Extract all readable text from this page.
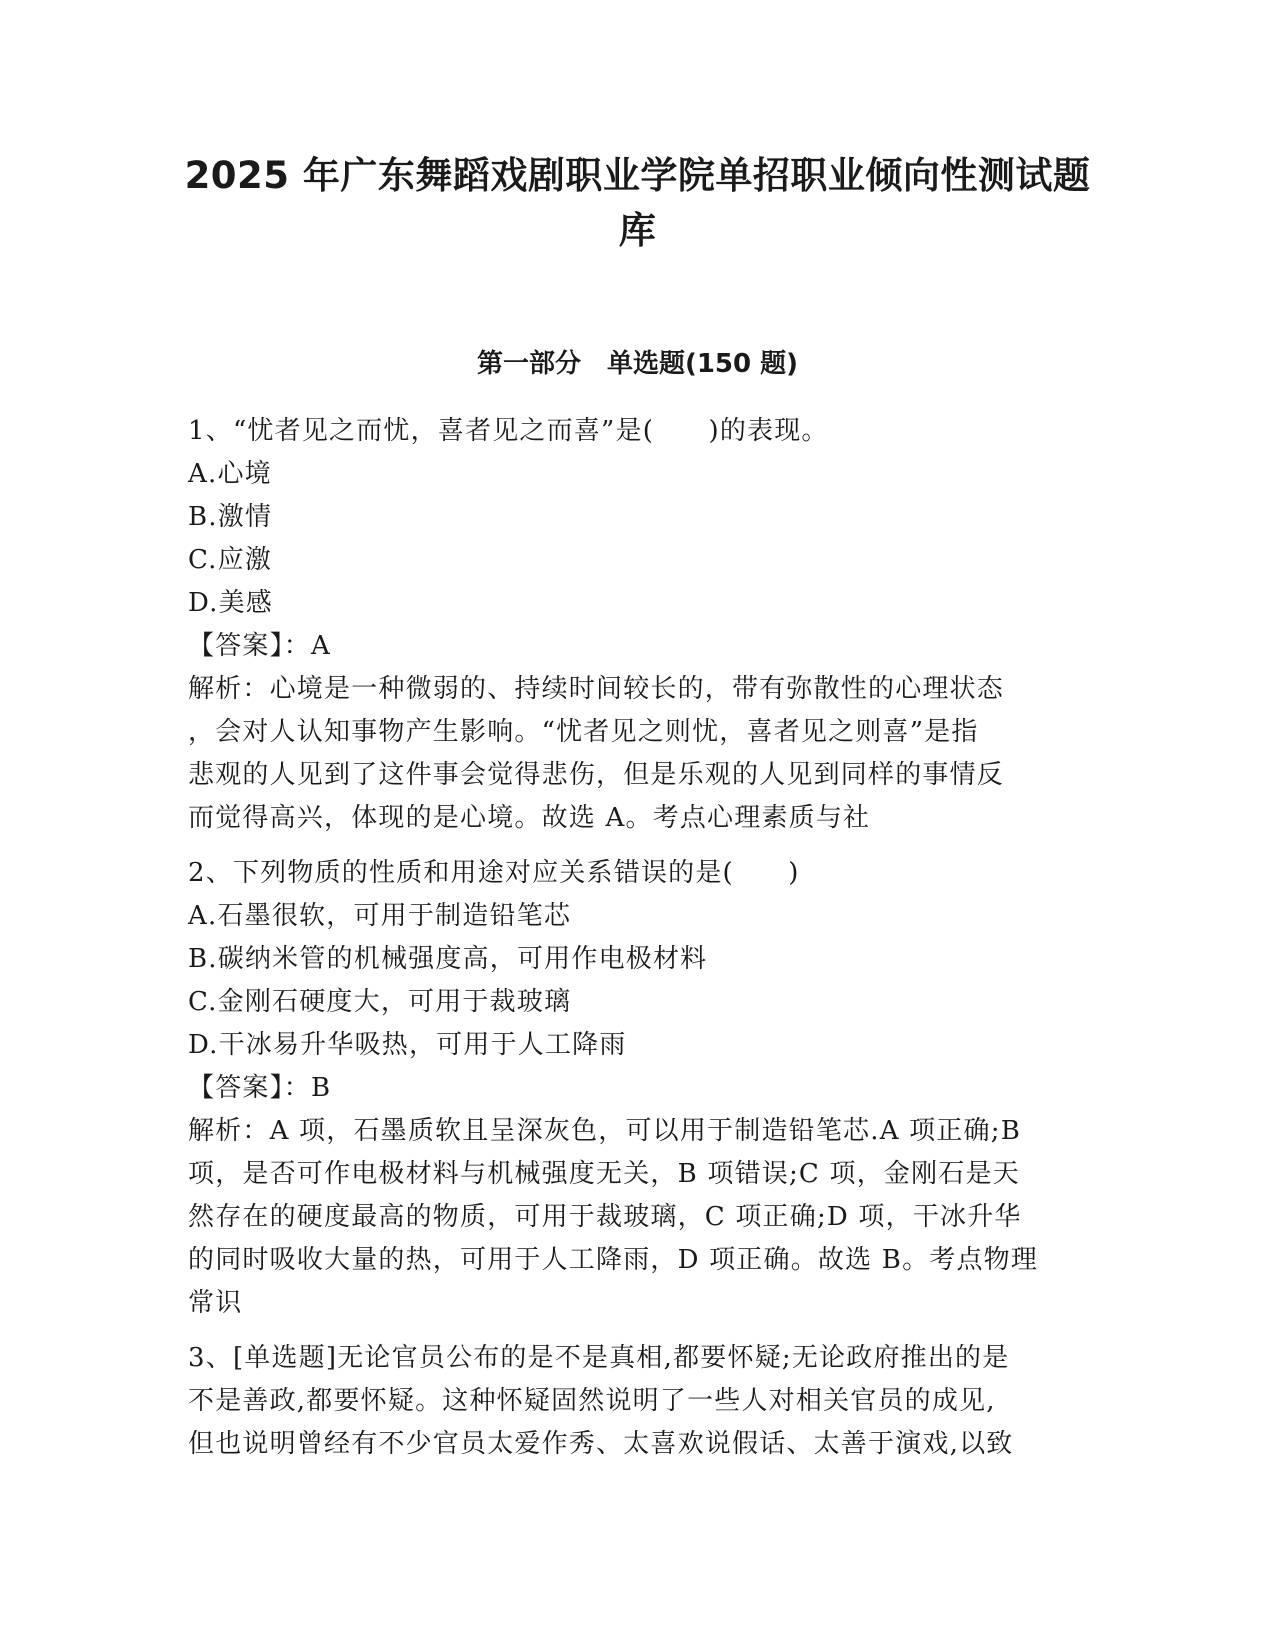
2025 年广东舞蹈戏剧职业学院单招职业倾向性测试题
库
第一部分　单选题(150 题)
1、“忧者见之而忧，喜者见之而喜”是(　　)的表现。
A.心境
B.激情
C.应激
D.美感
【答案】：A
解析：心境是一种微弱的、持续时间较长的，带有弥散性的心理状态
，会对人认知事物产生影响。“忧者见之则忧，喜者见之则喜”是指
悲观的人见到了这件事会觉得悲伤，但是乐观的人见到同样的事情反
而觉得高兴，体现的是心境。故选 A。考点心理素质与社
2、下列物质的性质和用途对应关系错误的是(　　)
A.石墨很软，可用于制造铅笔芯
B.碳纳米管的机械强度高，可用作电极材料
C.金刚石硬度大，可用于裁玻璃
D.干冰易升华吸热，可用于人工降雨
【答案】：B
解析：A 项，石墨质软且呈深灰色，可以用于制造铅笔芯.A 项正确;B
项，是否可作电极材料与机械强度无关，B 项错误;C 项，金刚石是天
然存在的硬度最高的物质，可用于裁玻璃，C 项正确;D 项，干冰升华
的同时吸收大量的热，可用于人工降雨，D 项正确。故选 B。考点物理
常识
3、[单选题]无论官员公布的是不是真相,都要怀疑;无论政府推出的是
不是善政,都要怀疑。这种怀疑固然说明了一些人对相关官员的成见,
但也说明曾经有不少官员太爱作秀、太喜欢说假话、太善于演戏,以致
